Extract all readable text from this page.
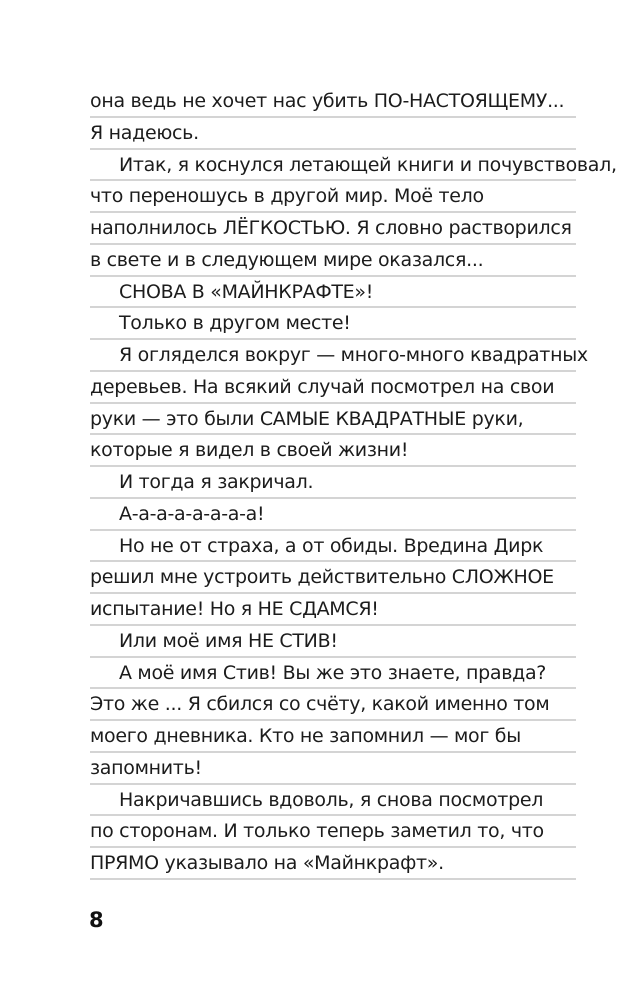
она ведь не хочет нас убить ПО-НАСТОЯЩЕМУ...
Я надеюсь.
Итак, я коснулся летающей книги и почувствовал,
что переношусь в другой мир. Моё тело
наполнилось ЛЁГКОСТЬЮ. Я словно растворился
в свете и в следующем мире оказался...
СНОВА В «МАЙНКРАФТЕ»!
Только в другом месте!
Я огляделся вокруг — много-много квадратных
деревьев. На всякий случай посмотрел на свои
руки — это были САМЫЕ КВАДРАТНЫЕ руки,
которые я видел в своей жизни!
И тогда я закричал.
А-а-а-а-а-а-а-а!
Но не от страха, а от обиды. Вредина Дирк
решил мне устроить действительно СЛОЖНОЕ
испытание! Но я НЕ СДАМСЯ!
Или моё имя НЕ СТИВ!
А моё имя Стив! Вы же это знаете, правда?
Это же ... Я сбился со счёту, какой именно том
моего дневника. Кто не запомнил — мог бы
запомнить!
Накричавшись вдоволь, я снова посмотрел
по сторонам. И только теперь заметил то, что
ПРЯМО указывало на «Майнкрафт».
8
